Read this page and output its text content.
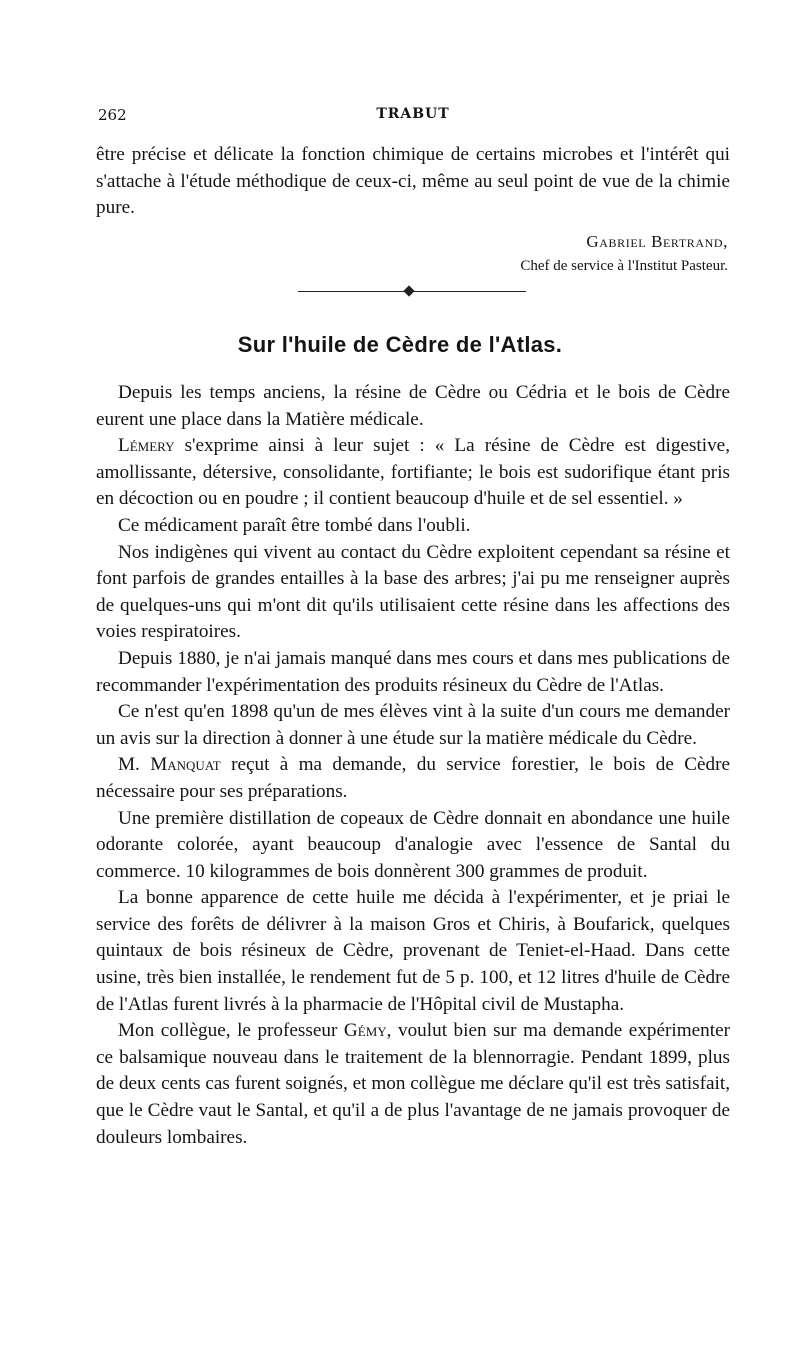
262	TRABUT

être précise et délicate la fonction chimique de certains microbes et l'intérêt qui s'attache à l'étude méthodique de ceux-ci, même au seul point de vue de la chimie pure.

Gabriel Bertrand,
Chef de service à l'Institut Pasteur.
Sur l'huile de Cèdre de l'Atlas.

Depuis les temps anciens, la résine de Cèdre ou Cédria et le bois de Cèdre eurent une place dans la Matière médicale.

Lémery s'exprime ainsi à leur sujet : « La résine de Cèdre est digestive, amollissante, détersive, consolidante, fortifiante; le bois est sudorifique étant pris en décoction ou en poudre ; il contient beaucoup d'huile et de sel essentiel. »

Ce médicament paraît être tombé dans l'oubli.

Nos indigènes qui vivent au contact du Cèdre exploitent cependant sa résine et font parfois de grandes entailles à la base des arbres; j'ai pu me renseigner auprès de quelques-uns qui m'ont dit qu'ils utilisaient cette résine dans les affections des voies respiratoires.

Depuis 1880, je n'ai jamais manqué dans mes cours et dans mes publications de recommander l'expérimentation des produits résineux du Cèdre de l'Atlas.

Ce n'est qu'en 1898 qu'un de mes élèves vint à la suite d'un cours me demander un avis sur la direction à donner à une étude sur la matière médicale du Cèdre.

M. Manquat reçut à ma demande, du service forestier, le bois de Cèdre nécessaire pour ses préparations.

Une première distillation de copeaux de Cèdre donnait en abondance une huile odorante colorée, ayant beaucoup d'analogie avec l'essence de Santal du commerce. 10 kilogrammes de bois donnèrent 300 grammes de produit.

La bonne apparence de cette huile me décida à l'expérimenter, et je priai le service des forêts de délivrer à la maison Gros et Chiris, à Boufarick, quelques quintaux de bois résineux de Cèdre, provenant de Teniet-el-Haad. Dans cette usine, très bien installée, le rendement fut de 5 p. 100, et 12 litres d'huile de Cèdre de l'Atlas furent livrés à la pharmacie de l'Hôpital civil de Mustapha.

Mon collègue, le professeur Gémy, voulut bien sur ma demande expérimenter ce balsamique nouveau dans le traitement de la blennorragie. Pendant 1899, plus de deux cents cas furent soignés, et mon collègue me déclare qu'il est très satisfait, que le Cèdre vaut le Santal, et qu'il a de plus l'avantage de ne jamais provoquer de douleurs lombaires.
